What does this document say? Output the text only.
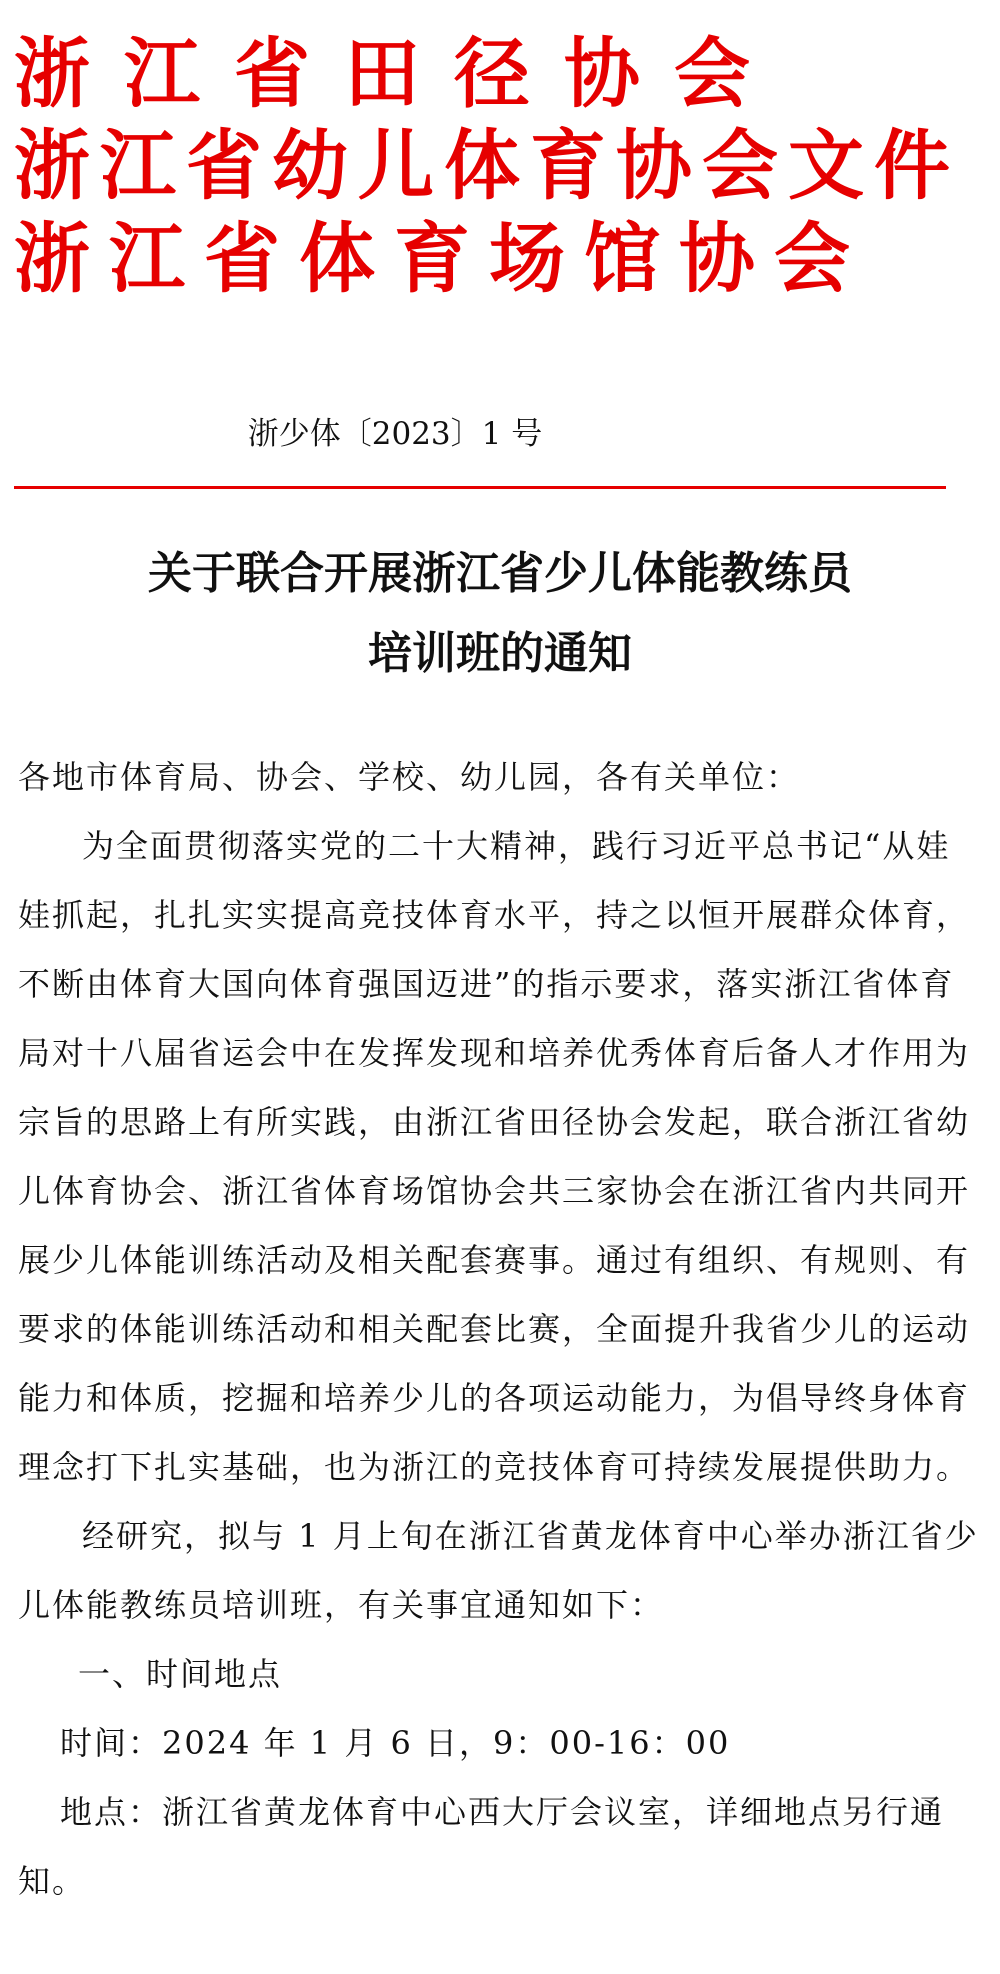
浙江省田径协会
浙江省幼儿体育协会文件
浙江省体育场馆协会
浙少体〔2023〕1 号
关于联合开展浙江省少儿体能教练员
培训班的通知

各地市体育局、协会、学校、幼儿园，各有关单位：

为全面贯彻落实党的二十大精神，践行习近平总书记“从娃娃抓起，扎扎实实提高竞技体育水平，持之以恒开展群众体育，不断由体育大国向体育强国迈进”的指示要求，落实浙江省体育局对十八届省运会中在发挥发现和培养优秀体育后备人才作用为宗旨的思路上有所实践，由浙江省田径协会发起，联合浙江省幼儿体育协会、浙江省体育场馆协会共三家协会在浙江省内共同开展少儿体能训练活动及相关配套赛事。通过有组织、有规则、有要求的体能训练活动和相关配套比赛，全面提升我省少儿的运动能力和体质，挖掘和培养少儿的各项运动能力，为倡导终身体育理念打下扎实基础，也为浙江的竞技体育可持续发展提供助力。

经研究，拟与 1 月上旬在浙江省黄龙体育中心举办浙江省少儿体能教练员培训班，有关事宜通知如下：

一、时间地点

时间：2024 年 1 月 6 日，9：00-16：00

地点：浙江省黄龙体育中心西大厅会议室，详细地点另行通知。
